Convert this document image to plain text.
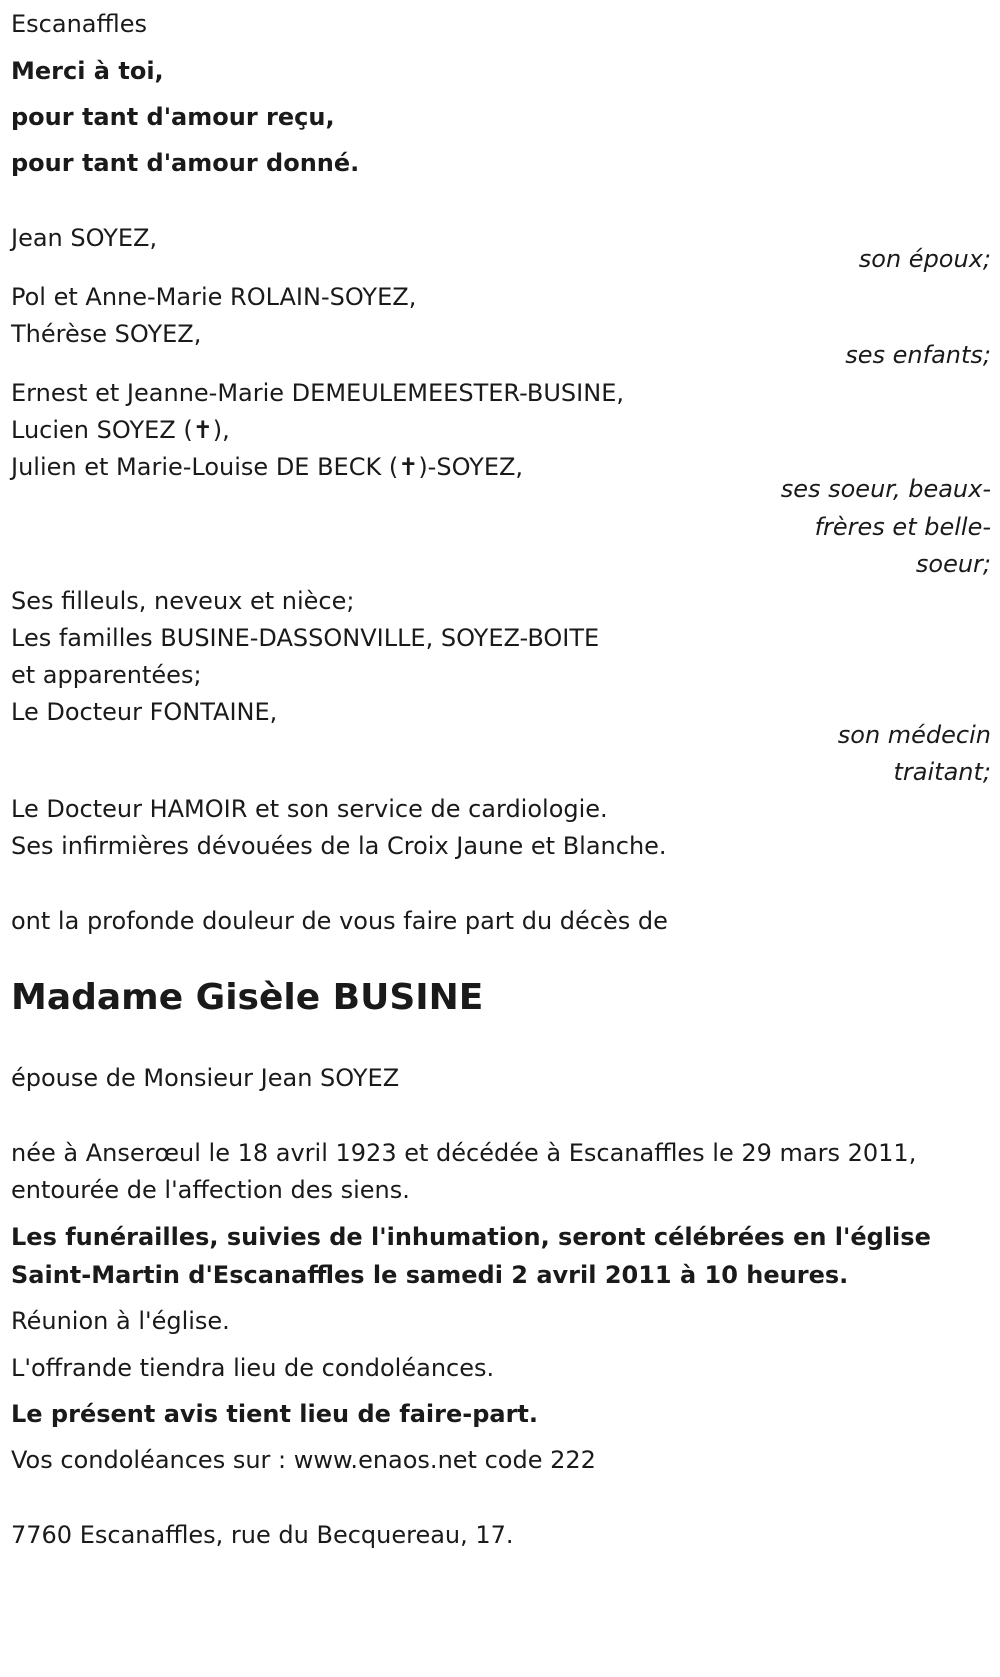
Escanaffles
Merci à toi,
pour tant d'amour reçu,
pour tant d'amour donné.
Jean SOYEZ,
son époux;
Pol et Anne-Marie ROLAIN-SOYEZ,
Thérèse SOYEZ,
ses enfants;
Ernest et Jeanne-Marie DEMEULEMEESTER-BUSINE,
Lucien SOYEZ (✝),
Julien et Marie-Louise DE BECK (✝)-SOYEZ,
ses soeur, beaux-
frères et belle-
soeur;
Ses filleuls, neveux et nièce;
Les familles BUSINE-DASSONVILLE, SOYEZ-BOITE
et apparentées;
Le Docteur FONTAINE,
son médecin
traitant;
Le Docteur HAMOIR et son service de cardiologie.
Ses infirmières dévouées de la Croix Jaune et Blanche.
ont la profonde douleur de vous faire part du décès de
Madame Gisèle BUSINE
épouse de Monsieur Jean SOYEZ
née à Anserœul le 18 avril 1923 et décédée à Escanaffles le 29 mars 2011,
entourée de l'affection des siens.
Les funérailles, suivies de l'inhumation, seront célébrées en l'église
Saint-Martin d'Escanaffles le samedi 2 avril 2011 à 10 heures.
Réunion à l'église.
L'offrande tiendra lieu de condoléances.
Le présent avis tient lieu de faire-part.
Vos condoléances sur : www.enaos.net code 222
7760 Escanaffles, rue du Becquereau, 17.
